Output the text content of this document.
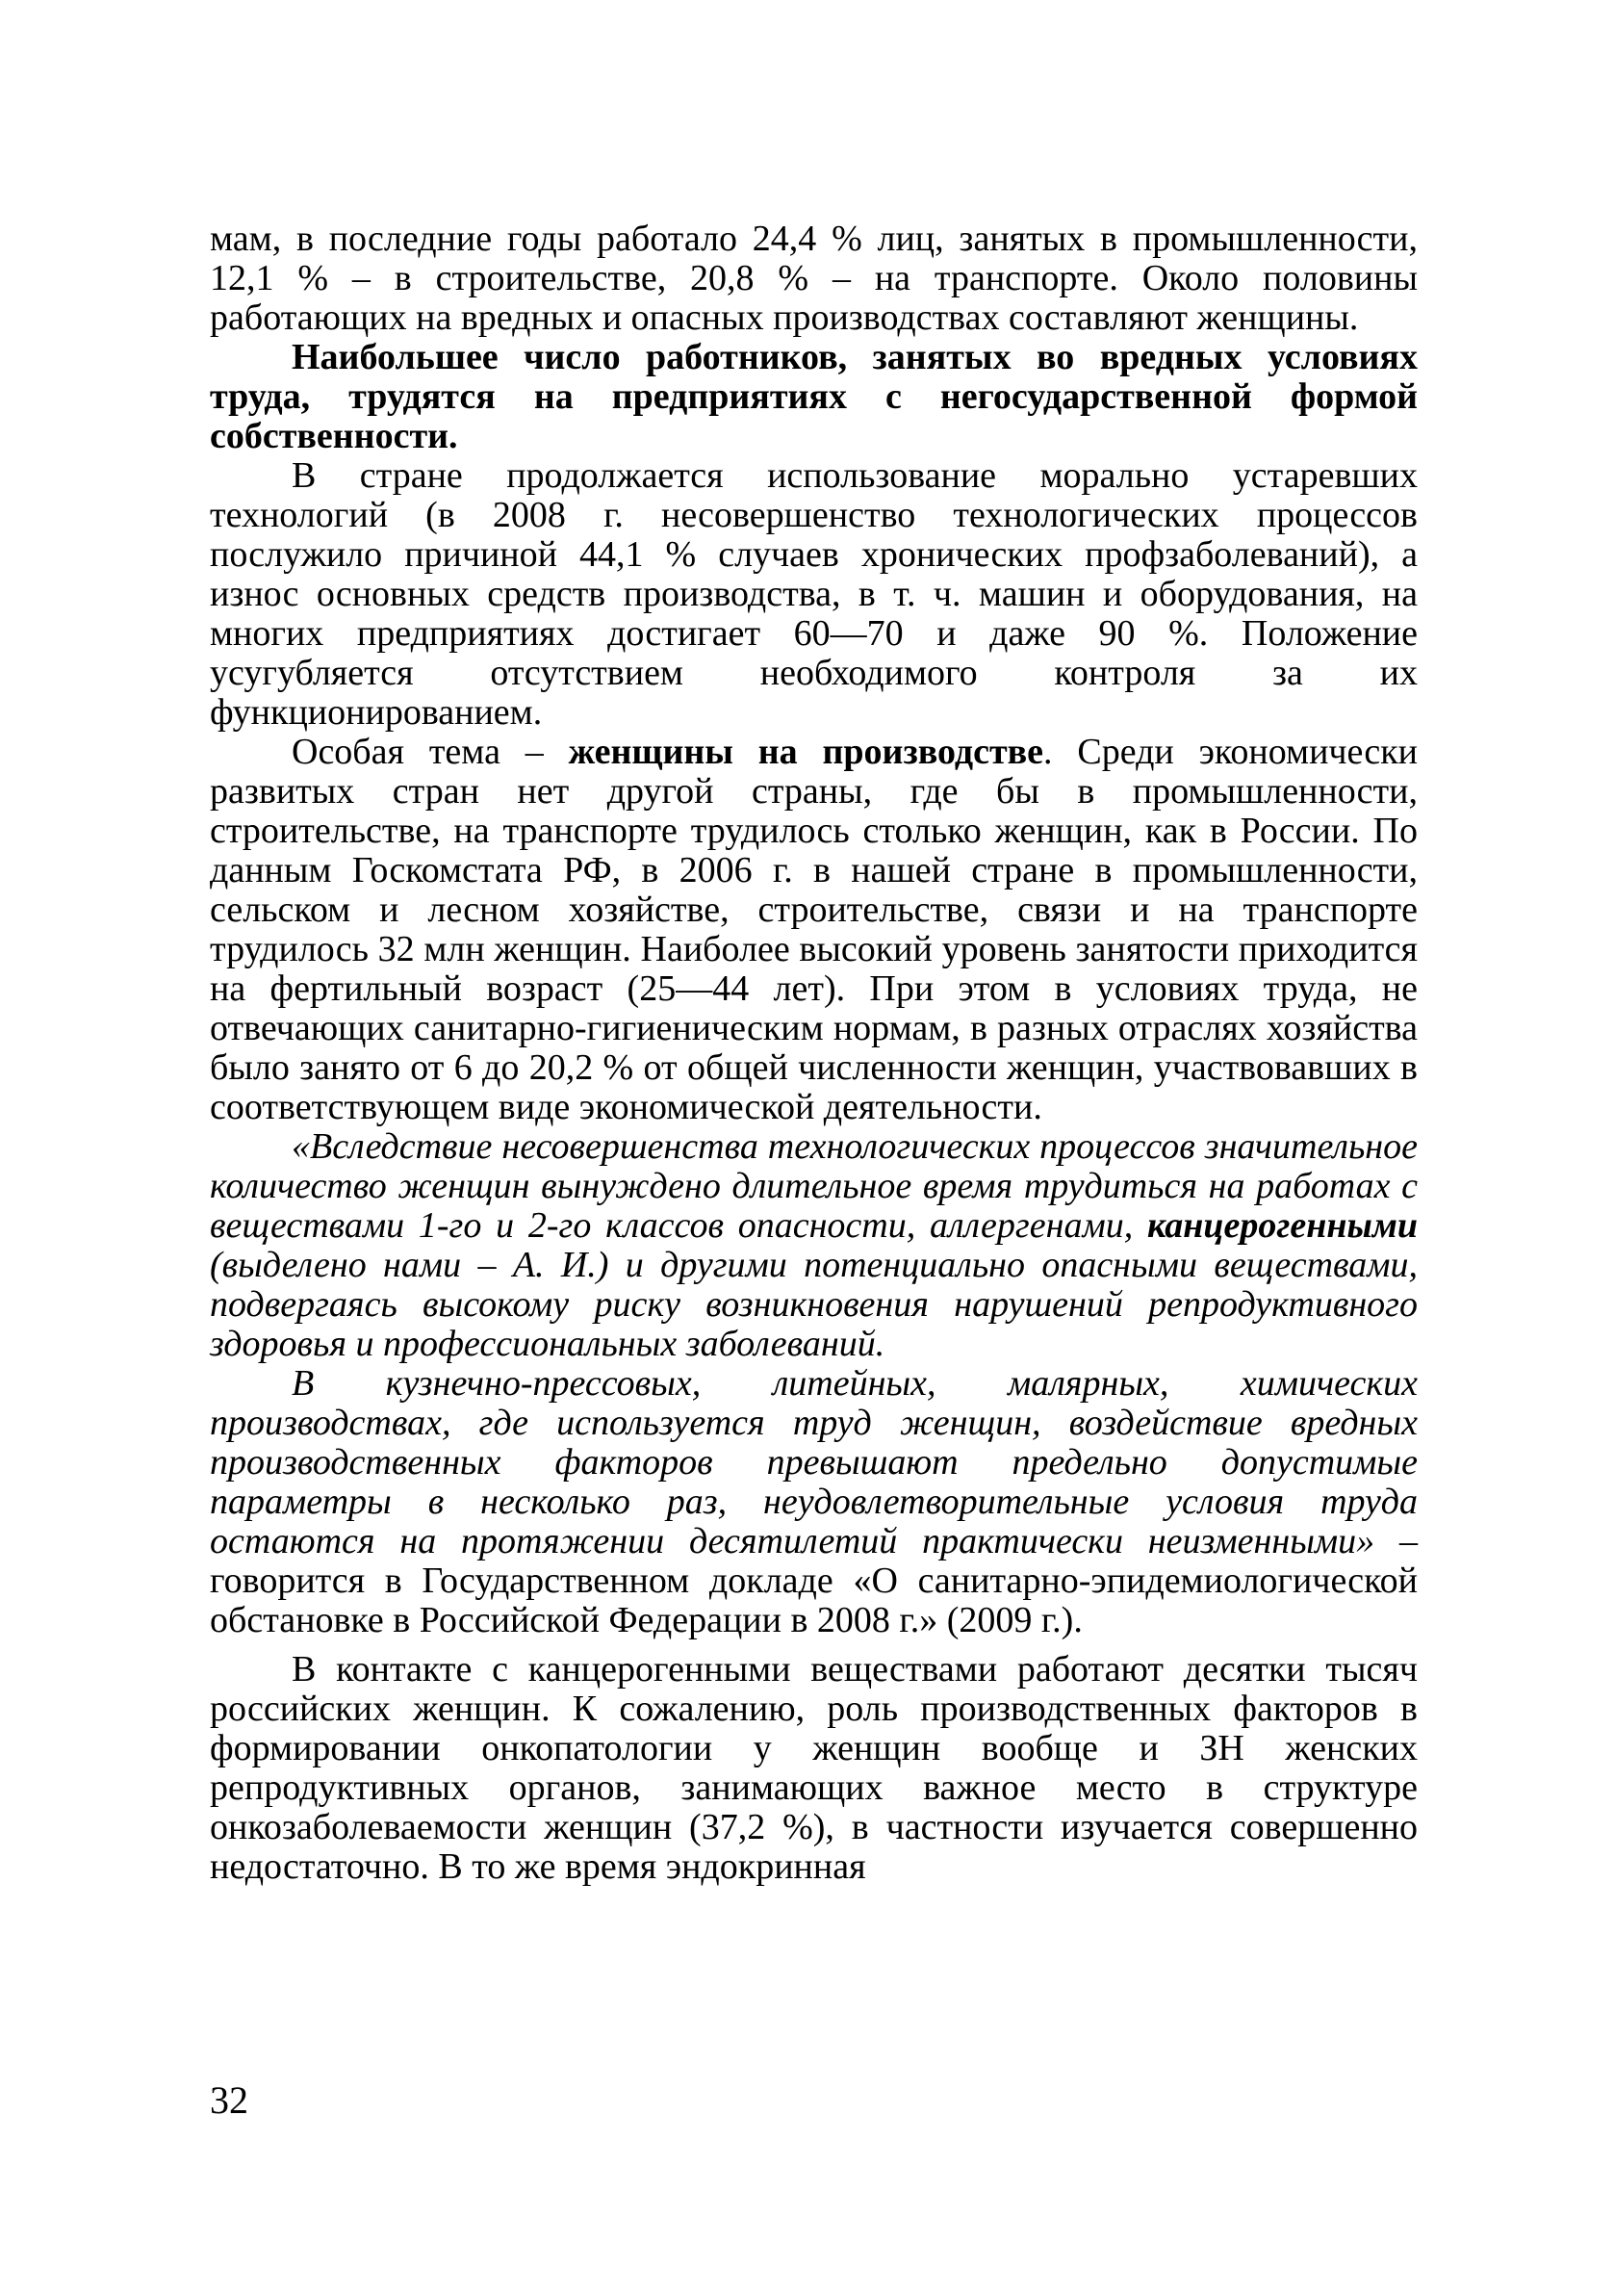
мам, в последние годы работало 24,4 % лиц, занятых в промышленности, 12,1 % – в строительстве, 20,8 % – на транспорте. Около половины работающих на вредных и опасных производствах составляют женщины.

Наибольшее число работников, занятых во вредных условиях труда, трудятся на предприятиях с негосударственной формой собственности.

В стране продолжается использование морально устаревших технологий (в 2008 г. несовершенство технологических процессов послужило причиной 44,1 % случаев хронических профзаболеваний), а износ основных средств производства, в т. ч. машин и оборудования, на многих предприятиях достигает 60—70 и даже 90 %. Положение усугубляется отсутствием необходимого контроля за их функционированием.

Особая тема – женщины на производстве. Среди экономически развитых стран нет другой страны, где бы в промышленности, строительстве, на транспорте трудилось столько женщин, как в России. По данным Госкомстата РФ, в 2006 г. в нашей стране в промышленности, сельском и лесном хозяйстве, строительстве, связи и на транспорте трудилось 32 млн женщин. Наиболее высокий уровень занятости приходится на фертильный возраст (25—44 лет). При этом в условиях труда, не отвечающих санитарно-гигиеническим нормам, в разных отраслях хозяйства было занято от 6 до 20,2 % от общей численности женщин, участвовавших в соответствующем виде экономической деятельности.

«Вследствие несовершенства технологических процессов значительное количество женщин вынуждено длительное время трудиться на работах с веществами 1-го и 2-го классов опасности, аллергенами, канцерогенными (выделено нами – А. И.) и другими потенциально опасными веществами, подвергаясь высокому риску возникновения нарушений репродуктивного здоровья и профессиональных заболеваний.

В кузнечно-прессовых, литейных, малярных, химических производствах, где используется труд женщин, воздействие вредных производственных факторов превышают предельно допустимые параметры в несколько раз, неудовлетворительные условия труда остаются на протяжении десятилетий практически неизменными» – говорится в Государственном докладе «О санитарно-эпидемиологической обстановке в Российской Федерации в 2008 г.» (2009 г.).

В контакте с канцерогенными веществами работают десятки тысяч российских женщин. К сожалению, роль производственных факторов в формировании онкопатологии у женщин вообще и ЗН женских репродуктивных органов, занимающих важное место в структуре онкозаболеваемости женщин (37,2 %), в частности изучается совершенно недостаточно. В то же время эндокринная

32
